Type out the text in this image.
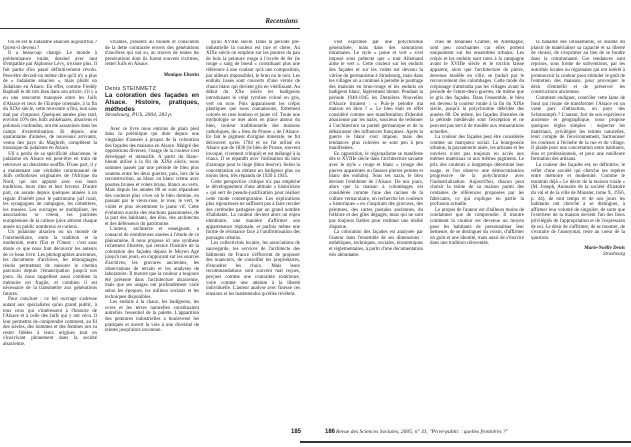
Recensions

Où en est le Judaïsme alsacien aujourd'hui ? Qu'est-il devenu ?

Il a beaucoup changé. Le monde à prédominance rurale, dessiné avec tant d'empathie par Alphonse Lévy, n'existe plus. Il fait partie d'un passé définitivement révolu. Peut-être devrait-on même dire qu'il n'y a plus de « Judaïsme alsacien », mais plutôt un Judaïsme en Alsace. En effet, comme Freddy Raphaël le dit très bien dans son article, s'il y a eu une rencontre manquée entre les Juifs d'Alsace et ceux de l'Europe orientale, à la fin du XIXe siècle, cette rencontre a fini, non sans mal par s'imposer. Quelques années plus tard, environ 10% des Juifs ashkénazes, alsaciens et polonais confondus, ont été assassinés dans les camps d'extermination. Et depuis une quarantaine d'années, de nouveaux arrivants, venus des pays du Maghreb, complètent la mosaïque du judaïsme en Alsace.

S'il a perdu de sa spécificité alsacienne, le judaïsme en Alsace est peut-être en train de retrouver un deuxième souffle. D'une part, il y a maintenant une véritable communauté de Juifs orthodoxes originaires de l'Afrique du Nord, qui ont apporté avec eux leurs traditions, leurs rites et leur ferveur. D'autre part, on assiste depuis quelques années à un regain d'intérêt pour le patrimoine juif rural, les synagogues de campagne, les cimetières, les musées. Les ouvrages se multiplient, les associations se créent, les journées européennes de la culture juive attirent chaque année un public nombreux et curieux.

Un judaïsme alsacien ou un monde de l'intermédiaire, entre la tradition et la modernité, entre l'Est et l'Ouest : c'est sans doute ce que nous font découvrir les auteurs de ce beau livre. Les photographies anciennes, les documents d'archives, les témoignages réunis permettent de mesurer le chemin parcouru depuis l'émancipation jusqu'à nos jours. Ils nous rappellent aussi combien la mémoire est fragile, et combien il est nécessaire de la transmettre aux générations futures.

Pour conclure : ce bel ouvrage s'adresse autant aux spécialistes qu'au grand public, à tous ceux qui s'intéressent à l'histoire de l'Alsace et à celle des Juifs qui y ont vécu. Il leur permettra de comprendre comment, au fil des siècles, des hommes et des femmes ont su rester fidèles à leurs origines tout en s'inscrivant pleinement dans la société alsacienne.

vivantes, présents au monde et conscients de la dette contractée envers des générations d'ancêtres qui ont su, au travers de toutes les persécutions dont ils furent souvent victimes, rester Juifs en Alsace.

Monique Ebstein
Denis STEINMETZ
La coloration des façades en Alsace. Histoire, pratiques, méthodes
Strasbourg, PUS, 2004, 283 p.

Avec ce livre nous entrons de plain pied dans la polémique qui dure depuis une vingtaine d'années à propos de la coloration des façades des maisons en Alsace. Malgré des oppositions diverses, l'usage de la couleur s'est développé et intensifié. A partir du blanc-bleuté utilisé à la fin du XIXe siècle, nous sommes passés par une période de bleu plus soutenu entre les deux guerres, puis, lors de la reconstruction, au blanc ou blanc crème avec poutres brunes et volets bruns, blancs ou verts. Mais depuis les années 80 se sont répandues des couleurs plus vives où le bleu domine, en passant par le vieux-rose, le rose, le vert, le violet et plus récemment le jaune vif. Cette évolution suscite des réactions passionnées, de la part des habitants, des élus, des architectes et des défenseurs du patrimoine.

L'auteur, architecte et enseignant, a consacré de nombreuses années à l'étude de ce phénomène. Il nous propose ici une synthèse richement illustrée, qui retrace l'histoire de la coloration des façades depuis le Moyen Age jusqu'à nos jours, en s'appuyant sur les sources d'archives, les gravures anciennes, les observations de terrain et les analyses de laboratoire. Il montre que la couleur a toujours été présente dans l'architecture alsacienne, mais que ses usages ont profondément varié selon les époques, les milieux sociaux et les techniques disponibles.

Les enduits à la chaux, les badigeons, les ocres et les terres naturelles constituaient autrefois l'essentiel de la palette. L'apparition des peintures industrielles a bouleversé les pratiques et ouvert la voie à une diversité de teintes jusqu'alors inconnue.

qu'au XVIIIe siècle. Dans la période pré-industrielle la couleur est rare et chère. Au XIXe siècle on emploie sur les poutres du pan de bois la peinture rouge à l'oxyde de fer (le rouge « sang de boeuf » constituant plus une référence à une couleur qu'à une composition, par ailleurs impossible), le brun ou le noir. Les enduits lissés sont couverts d'une vérole de chaux blanc qui devient gris en vieillissant. Au début du XXe siècle les badigeons introduisent le crépi tyrolien coloré en gris, vert ou ocre. Puis apparaissent les crépis plastiques que nous connaissons, fortement colorés en rose bonbon et jaune vif. Toute une mythologie se met alors en place autour du bleu, couleur traditionnelle des maisons catholiques, du « bleu de Prusse » de l'Alsace. En fait le pigment d'origine minérale, ne fut découvert qu'en 1704 et ne fut utilisé en Alsace que de 1836 (le bleu de Prusse, souvent invoqué, vivement critiqué) et est mélangé à la chaux. Il se répandit avec l'utilisation du bleu d'azurage pour le linge (bleu lessive). Selon la concentration on obtient un badigeon plus ou moins bleu, très répandu de 1920 à 1945.

Cette perspective critique n'a pas empêché le développement d'une attitude « historiciste » qui sert de pseudo-justification pour réaliser cette mode contemporaine. Les explications plus rigoureuses ne suffisent pas à faire reculer des certitudes partagées par un grand nombre d'habitants. La couleur devient alors un enjeu identitaire, une manière d'affirmer son appartenance régionale, et parfois même une forme de résistance face à l'uniformisation des paysages urbains.

Les collectivités locales, les associations de sauvegarde, les services de l'architecte des bâtiments de France s'efforcent de proposer des nuanciers, de conseiller les propriétaires, d'encadrer les choix. Mais leurs recommandations sont souvent mal reçues, perçues comme une contrainte extérieure, voire comme une atteinte à la liberté individuelle. L'auteur analyse avec finesse ces tensions et les malentendus qu'elles révèlent.

s'est exprimée par une polychromie généralisée, mais dans des saturations minimales. Le style « jaune et vert » s'est imposé sous prétexte que « tout Allemand aime le vert ». Cette couleur sur les enduits des façades et sur les volets est devenu la vitrine du germanisme à Strasbourg, mais dans les villages on a continué à peindre le poutrage des maisons en brun-rouge et les enduits en badigeon blanc, légèrement bleuté. Pendant la période 1940-1945 les Dernières Nouvelles d'Alsace titraient : « Puis-je peindre ma maison en bleu ? ». Le bleu était en effet considéré comme une manifestation d'identité alsacienne par les nazis, soucieux de redonner à l'architecture sa pureté germanique et de la débarrasser des influences françaises. Après la guerre le blanc s'est imposé, mais des tendances plus colorées se sont peu à peu manifestées.

En opposition, le régionalisme se manifeste dès le XVIIIe siècle dans l'architecture savante avec le style « rouge et blanc » (rouge des pierres apparentes ou fausses pierres peintes et blanc des enduits). Sous les nazis, le bleu devient l'emblème de l'Alsace. De nos jours, alors que la maison à colombages est considérée comme l'une des racines de la culture vernaculaire, on recherche les couleurs « historiques » en s'inspirant des gravures, des peintures, des cartes postales anciennes, du folklore et des gîtes dégagés, mais qui ne sont pas toujours fiables pour restituer une réalité disparue.

La coloration des façades est analysée par l'auteur dans l'ensemble de ses dimensions : esthétiques, techniques, sociales, économiques et réglementaires, à partir d'une documentation très abondante.

ches de Johannes Cramer, en Allemagne, sont peu concluantes car elles portent uniquement sur les ensembles urbains. Les crépis et les enduits sont rares à la campagne avant le XVIIIe siècle et le torchis laissé apparent, alors que l'architecture de pierre, devenue modèle en ville, se traduit par le recouvrement des colombages. Cette mode du crépissage n'atteindra pas les villages avant la période de l'entre-deux-guerres, de même que le gris des façades. Dans l'ensemble, le bleu est devenu la couleur rurale à la fin du XIXe siècle, jusqu'à la polychromie débridée des années 80. De même, les façades illustrées de la période médiévale sont l'exception et ne peuvent pas servir de modèle aux restaurations actuelles.

La couleur des façades peut être considérée comme un marqueur social. La bourgeoisie urbaine, la paysannerie aisée, les artisans et les ouvriers n'ont pas toujours eu accès aux mêmes matériaux ni aux mêmes pigments. Le prix des couleurs a longtemps déterminé leur usage, et l'on observe une démocratisation progressive de la polychromie avec l'industrialisation. Aujourd'hui, chacun peut choisir la teinte de sa maison parmi des centaines de références proposées par les fabricants, ce qui explique en partie la profusion actuelle.

Le propos de l'auteur est d'ailleurs moins de condamner que de comprendre. Il montre comment la couleur est devenue un moyen pour les habitants de personnaliser leur demeure, de se distinguer du voisin, d'affirmer un goût et une identité, mais aussi de s'inscrire dans une tradition réinventée.

la banalité des lotissements, se double du plaisir de matérialiser sa capacité et sa liberté de choisir, de s'exprimer au lieu de se fondre dans la communauté. Ces tendances sont reprises, sous forme de subventions, par les autorités locales ou régionales qui ont intérêt à promouvoir la couleur pour stimuler le goût de l'entretien des maisons, pour provoquer le désir d'embellir et de préserver les constructions anciennes.

Comment endiguer, contrôler cette lame de fond qui risque de transformer l'Alsace en un vaste parc d'attraction, un pays des Schtroumpfs ? L'auteur, fort de son expérience ancienne et géographique, nous propose quelques règles simples : respecter les matériaux, privilégier les teintes naturelles, tenir compte de l'environnement, harmoniser les couleurs à l'échelle de la rue et du village. Il plaide pour une concertation entre habitants, élus et professionnels, et pour une meilleure formation des artisans.

La couleur des façades est, en définitive, le reflet d'une société qui cherche ses repères entre mémoire et modernité. Comme le montrait déjà « Le décor de la maison rurale » (M. Joseph, Annuaire de la société d'histoire du val et de la ville de Munster, tome X, 1956, p. 44), de tout temps et de nos jours les habitants ont cherché à se distinguer, à affirmer leur volonté de singulier, de sorte que l'extérieur de la maison devient l'un des lieux privilégiés de l'appropriation et de l'expression de soi. Le désir de s'affirmer, de se montrer, de s'extraire de l'anonymat, reste au coeur de la question.

Marie-Noëlle Denis
Strasbourg
185	186 Revue des Sciences Sociales, 2005, n° 33, "Privé-public : quelles frontières ?"
